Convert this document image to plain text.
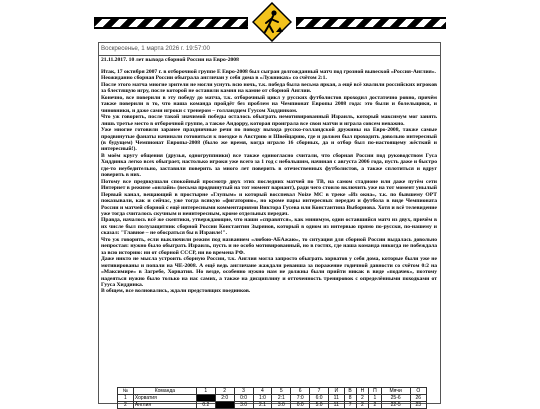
Воскресенье, 1 марта 2026 г. 19:57:00
21.11.2017. 10 лет выходa сборной России нa Евро-2008

Итак, 17 октября 2007 г. в отборочной группе E Евро-2008 был сыгран долгожданный матч под грозной вывеской «Россия-Англия».

Неожиданно сборная России обыграла англичан у себя дома в «Лужниках» со счётом 2:1.

После этого матча многие зрители не могли уснуть всю ночь, т.к. победа была весьма яркая, а ещё всё хвалили российских игроков за блестящую игру, после которой не оставили камня на камне от сборной Англии.

Конечно, все поверили в эту победу до матча, т.к. отборочный цикл у русских футболистов проходил достаточно ровно, причём также поверили в то, что наша команда пройдёт без проблем на Чемпионат Европы 2008 года: это были и болельщики, и чиновники, и даже сами игроки с тренером – голландцем Гуусом Хиддинком.

Что уж говорить, после такой значимой победы осталось обыграть немотивированный Израиль, который максимум мог занять лишь третье место в отборочной группе, а также Андорру, которая проиграла все свои матчи и играла совсем неважно.

Уже многие готовили заранее праздничные речи по поводу выхода русско-голландской дружины на Евро-2008, также самые продвинутые фанаты начинали готовиться к поездке в Австрию и Швейцарию, где и должен был проходить довольно интересный (в будущем) Чемпионат Европы-2008 (было же время, когда играло 16 сборных, да и отбор был по-настоящему жёсткий и интересный!).

В моём кругу общения (друзья, одногруппники) все также единогласно считали, что сборная России под руководством Гуса Хиддинка легко всех обыграет, настолько игроки уже всего за 1 год с небольшим, начиная с августа 2006 года, пусть даже и быстро где-то неубедительно, заставили поверить за много лет поверить в отечественных футболистов, а также сплотиться и вдруг поверить в них.

Потому все предвкушали спокойный просмотр двух этих последних матчей по ТВ, на самом стадионе или даже путём сети Интернет в режиме «онлайн» (весьма продвинутый на тот момент вариант), ради чего стоило включить уже на тот момент унылый Первый канал, вещающий в простырне «Глупым» и который восспевал Noize MC в треке «Из окна», т.к. по бывшему ОРТ показывали, как и сейчас, уже тогда всякую «фигаторию», но кроме пары интересных передач и футбола в виде Чемпионата России и матчей сборной с ещё интересными комментариями Виктора Гусева или Константина Выборнова. Хотя и всё телевидение уже тогда считалось скучным и неинтересным, кроме отдельных передач.

Правда, началось всё же скептики, утверждающие, что наши «справятся», как минимум, один оставшийся матч из двух, причём в их числе был полузащитник сборной России Константин Зырянов, который в одном из интервью прямо по-русски, по-нашему и сказал: "Главное – не обосраться бы в Израиле!".

Что уж говорить, если выключили режим под названием «любою-АБАжаю», то ситуация для сборной России выдалась довольно непростая: нужно было обыграть Израиль, пусть и не особо мотивированный, но в гостях, где наша команда никогда не побеждала за всю историю: ни от сборной СССР, ни во времена РФ.

Даже никто не мысла устроить сборную России, т.к. Англия могла запросто обыграть хорватов у себя дома, которые были уже не мотивированы и попали на ЧЕ-2008. А ещё ведь англичане жаждали реванша за поражение годичной давности со счётом 0:2 на «Максимире» в Загребе, Хорватия. Но везде, особенно нужно нам не должны были прийти никак в виде «подачек», поэтому надеяться нужно было только на нас самих, а также на дисциплину и отточенность тренировок с определёнными походками от Гууса Хиддинка.

В общем, все волновались, ждали предстоящих поединков.

№	Команда	1	2	3	4	5	6	7	И	В	Н	П	Мячи	О
1	Хорватия		2:0	0:0	1:0	2:1	7:0	6:0	11	8	2	1	25-6	26
2	Англия	0:2		3:0	2:1	3:0	0:0	5:0	11	7	2	2	22-5	23
